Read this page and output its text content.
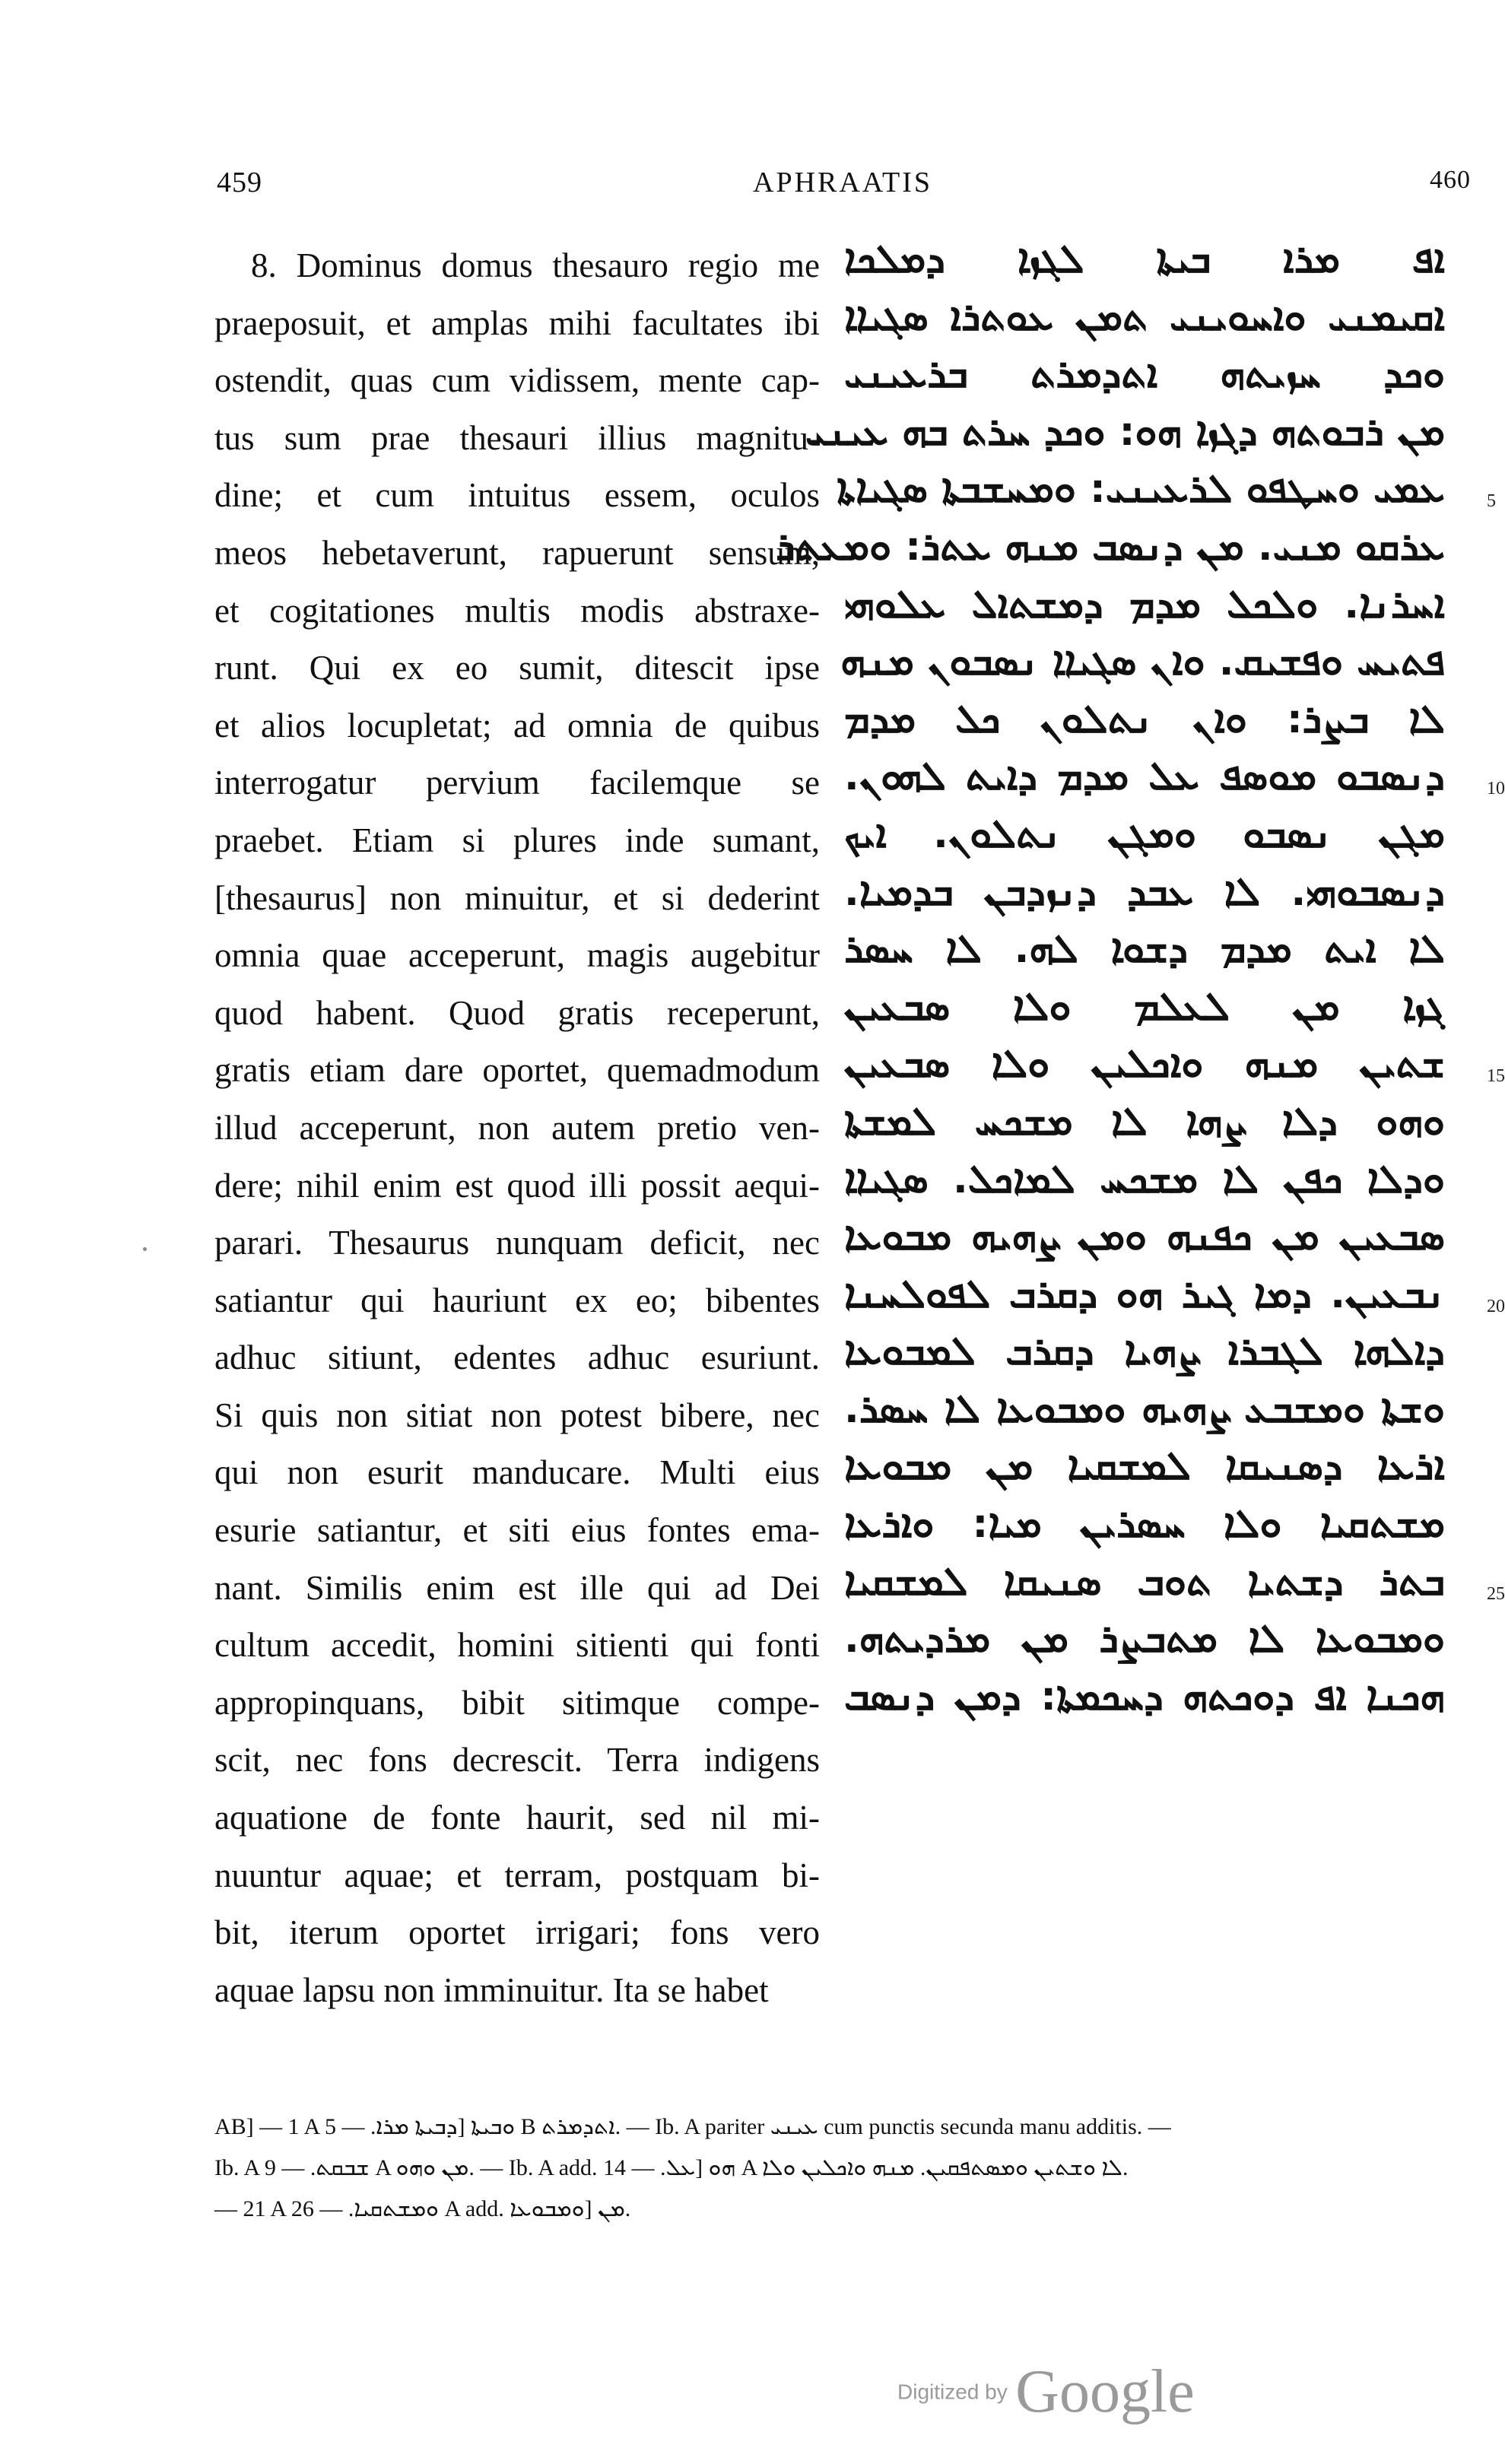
459	APHRAATIS	460
8. Dominus domus thesauro regio me
praeposuit, et amplas mihi facultates ibi
ostendit, quas cum vidissem, mente cap-
tus sum prae thesauri illius magnitu-
dine; et cum intuitus essem, oculos
meos hebetaverunt, rapuerunt sensum,
et cogitationes multis modis abstraxe-
runt. Qui ex eo sumit, ditescit ipse
et alios locupletat; ad omnia de quibus
interrogatur pervium facilemque se
praebet. Etiam si plures inde sumant,
[thesaurus] non minuitur, et si dederint
omnia quae acceperunt, magis augebitur
quod habent. Quod gratis receperunt,
gratis etiam dare oportet, quemadmodum
illud acceperunt, non autem pretio ven-
dere; nihil enim est quod illi possit aequi-
parari. Thesaurus nunquam deficit, nec
satiantur qui hauriunt ex eo; bibentes
adhuc sitiunt, edentes adhuc esuriunt.
Si quis non sitiat non potest bibere, nec
qui non esurit manducare. Multi eius
esurie satiantur, et siti eius fontes ema-
nant. Similis enim est ille qui ad Dei
cultum accedit, homini sitienti qui fonti
appropinquans, bibit sitimque compe-
scit, nec fons decrescit. Terra indigens
aquatione de fonte haurit, sed nil mi-
nuuntur aquae; et terram, postquam bi-
bit, iterum oportet irrigari; fons vero
aquae lapsu non imminuitur. Ita se habet
ܐܦ ܡܪܐ ܒܝܬܐ ܠܓܙܐ ܕܡܠܟܐ
ܐܩܝܡܢܝ ܘܐܚܘܝܢܝ ܬܡܢ ܥܘܬܪܐ ܣܓܝܐܐ
ܘܟܕ ܚܙܝܬܗ ܐܬܕܡܪܬ ܒܪܥܝܢܝ
ܡܢ ܪܒܘܬܗ ܕܓܙܐ ܗܘ: ܘܟܕ ܚܪܬ ܒܗ ܥܝܢܝ
ܥܡܝ ܘܚܛܦܘ ܠܪܥܝܢܝ: ܘܡܚܫܒܬܐ ܣܓܝܐܬܐ
ܥܪܩܘ ܡܢܝ. ܡܢ ܕܢܣܒ ܡܢܗ ܥܬܪ: ܘܡܥܬܪ
ܐܚܪܢܐ. ܘܠܟܠ ܡܕܡ ܕܡܫܬܐܠ ܥܠܘܗܝ
ܦܬܝܚ ܘܦܫܝܩ. ܘܐܢ ܣܓܝܐܐ ܢܣܒܘܢ ܡܢܗ
ܠܐ ܒܨܪ: ܘܐܢ ܢܬܠܘܢ ܟܠ ܡܕܡ
ܕܢܣܒܘ ܡܘܣܦ ܥܠ ܡܕܡ ܕܐܝܬ ܠܗܘܢ.
ܡܓܢ ܢܣܒܘ ܘܡܓܢ ܢܬܠܘܢ. ܐܝܟ
ܕܢܣܒܘܗܝ. ܠܐ ܥܒܕ ܕܢܙܕܒܢ ܒܕܡܝܐ.
ܠܐ ܐܝܬ ܡܕܡ ܕܫܘܐ ܠܗ. ܠܐ ܚܣܪ
ܓܙܐ ܡܢ ܠܥܠܡ ܘܠܐ ܣܒܥܝܢ
ܫܬܝܢ ܡܢܗ ܘܐܟܠܝܢ ܘܠܐ ܣܒܥܝܢ
ܘܗܘ ܕܠܐ ܨܗܐ ܠܐ ܡܫܟܚ ܠܡܫܬܐ
ܘܕܠܐ ܟܦܢ ܠܐ ܡܫܟܚ ܠܡܐܟܠ. ܣܓܝܐܐ
ܣܒܥܝܢ ܡܢ ܟܦܢܗ ܘܡܢ ܨܗܝܗ ܡܒܘܥܐ
ܢܒܥܝܢ. ܕܡܐ ܓܝܪ ܗܘ ܕܩܪܒ ܠܦܘܠܚܢܐ
ܕܐܠܗܐ ܠܓܒܪܐ ܨܗܝܐ ܕܩܪܒ ܠܡܒܘܥܐ
ܘܫܬܐ ܘܡܫܒܥ ܨܗܝܗ ܘܡܒܘܥܐ ܠܐ ܚܣܪ.
ܐܪܥܐ ܕܣܢܝܩܐ ܠܡܫܩܝܐ ܡܢ ܡܒܘܥܐ
ܡܫܬܩܝܐ ܘܠܐ ܚܣܪܝܢ ܡܝܐ: ܘܐܪܥܐ
ܒܬܪ ܕܫܬܝܐ ܬܘܒ ܣܢܝܩܐ ܠܡܫܩܝܐ
ܘܡܒܘܥܐ ܠܐ ܡܬܒܨܪ ܡܢ ܡܪܕܝܬܗ.
ܗܟܢܐ ܐܦ ܕܘܟܬܗ ܕܚܟܡܬܐ: ܕܡܢ ܕܢܣܒ
5
10
15
20
25
AB] — 1 A ܘܒܝܬܐ [ܕܒܝܬܐ ܡܪܐ. — 5 B ܐܬܕܡܪܬ. — Ib. A pariter ܥܝܢܝ cum punctis secunda manu additis. —
Ib. A ܫܒܩܬ. — 9 A ܡܢ ܘܗܘ. — Ib. A add. ܗܘ [ܥܠ. — 14 A ܠܐ ܘܫܬܝܢ ܘܡܣܬܦܩܝܢ. ܡܢܗ ܘܐܟܠܝܢ ܘܠܐ.
— 21 A ܘܡܫܬܩܝܐ. — 26 A add. ܡܢ [ܘܡܒܘܥܐ.
Digitized by Google
